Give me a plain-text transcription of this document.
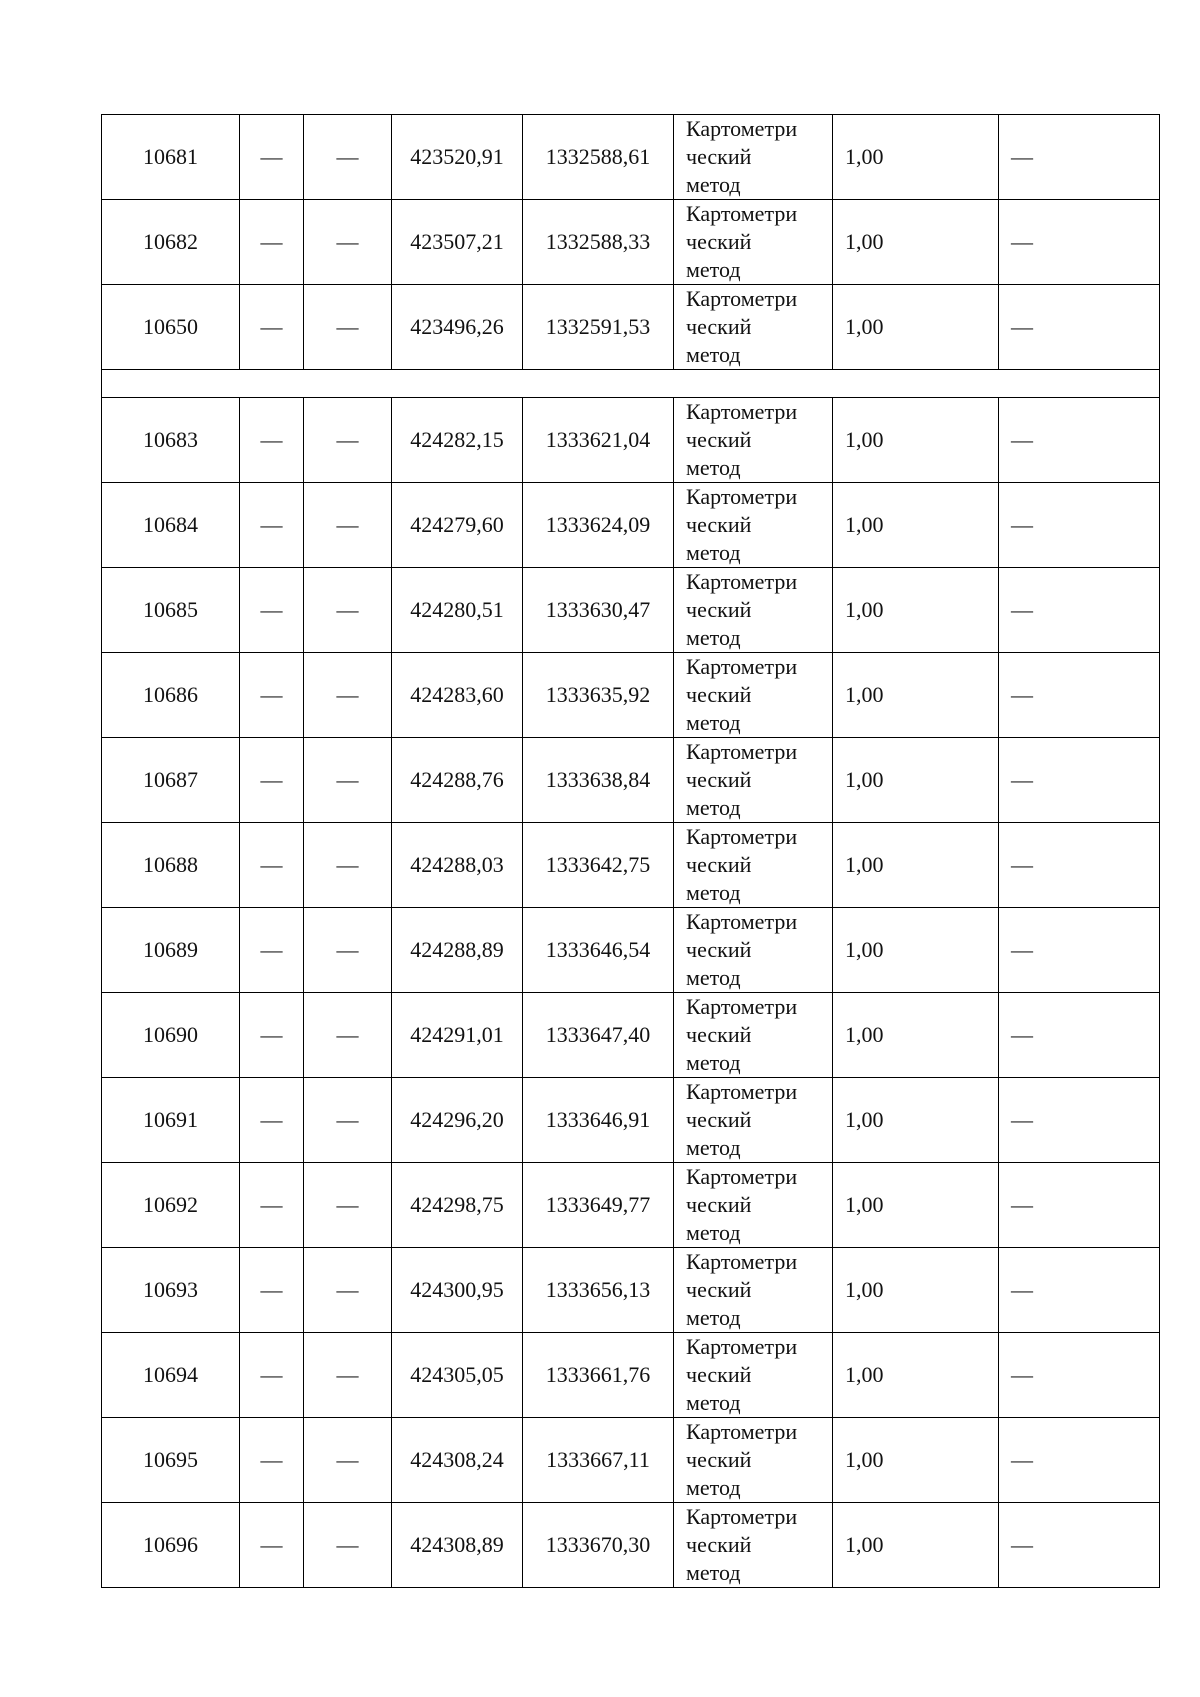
10681	—	—	423520,91	1332588,61	Картометри
ческий
метод	1,00	—
10682	—	—	423507,21	1332588,33	Картометри
ческий
метод	1,00	—
10650	—	—	423496,26	1332591,53	Картометри
ческий
метод	1,00	—

10683	—	—	424282,15	1333621,04	Картометри
ческий
метод	1,00	—
10684	—	—	424279,60	1333624,09	Картометри
ческий
метод	1,00	—
10685	—	—	424280,51	1333630,47	Картометри
ческий
метод	1,00	—
10686	—	—	424283,60	1333635,92	Картометри
ческий
метод	1,00	—
10687	—	—	424288,76	1333638,84	Картометри
ческий
метод	1,00	—
10688	—	—	424288,03	1333642,75	Картометри
ческий
метод	1,00	—
10689	—	—	424288,89	1333646,54	Картометри
ческий
метод	1,00	—
10690	—	—	424291,01	1333647,40	Картометри
ческий
метод	1,00	—
10691	—	—	424296,20	1333646,91	Картометри
ческий
метод	1,00	—
10692	—	—	424298,75	1333649,77	Картометри
ческий
метод	1,00	—
10693	—	—	424300,95	1333656,13	Картометри
ческий
метод	1,00	—
10694	—	—	424305,05	1333661,76	Картометри
ческий
метод	1,00	—
10695	—	—	424308,24	1333667,11	Картометри
ческий
метод	1,00	—
10696	—	—	424308,89	1333670,30	Картометри
ческий
метод	1,00	—
